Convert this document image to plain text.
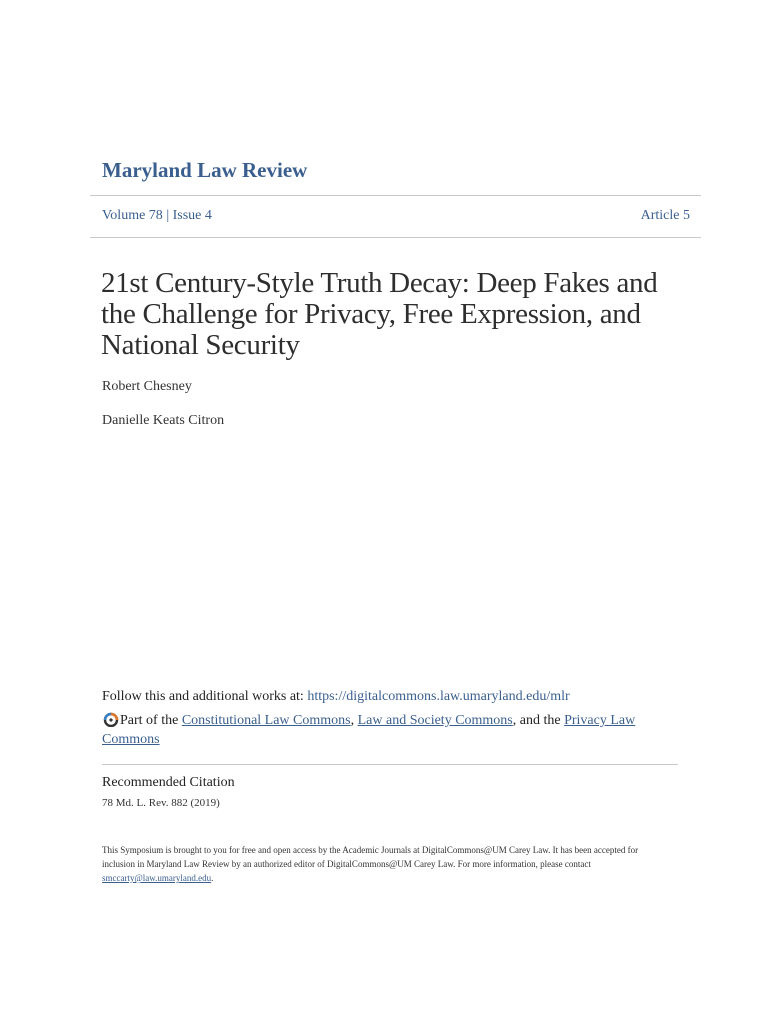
Maryland Law Review
Volume 78 | Issue 4	Article 5
21st Century-Style Truth Decay: Deep Fakes and the Challenge for Privacy, Free Expression, and National Security
Robert Chesney
Danielle Keats Citron
Follow this and additional works at: https://digitalcommons.law.umaryland.edu/mlr
Part of the Constitutional Law Commons, Law and Society Commons, and the Privacy Law Commons
Recommended Citation
78 Md. L. Rev. 882 (2019)
This Symposium is brought to you for free and open access by the Academic Journals at DigitalCommons@UM Carey Law. It has been accepted for inclusion in Maryland Law Review by an authorized editor of DigitalCommons@UM Carey Law. For more information, please contact smccarty@law.umaryland.edu.
